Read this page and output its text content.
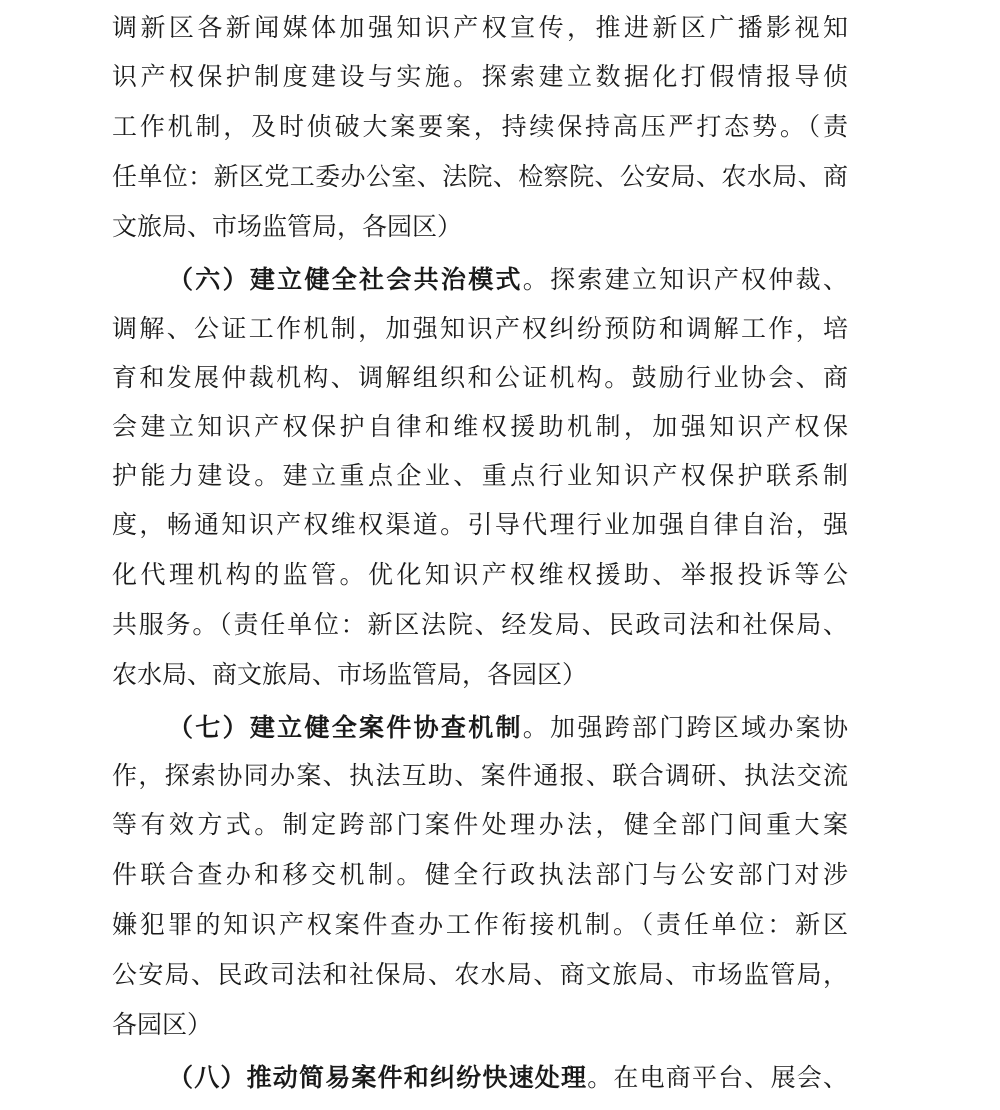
调新区各新闻媒体加强知识产权宣传，推进新区广播影视知
识产权保护制度建设与实施。探索建立数据化打假情报导侦
工作机制，及时侦破大案要案，持续保持高压严打态势。（责
任单位：新区党工委办公室、法院、检察院、公安局、农水局、商
文旅局、市场监管局，各园区）
（六）建立健全社会共治模式。探索建立知识产权仲裁、
调解、公证工作机制，加强知识产权纠纷预防和调解工作，培
育和发展仲裁机构、调解组织和公证机构。鼓励行业协会、商
会建立知识产权保护自律和维权援助机制，加强知识产权保
护能力建设。建立重点企业、重点行业知识产权保护联系制
度，畅通知识产权维权渠道。引导代理行业加强自律自治，强
化代理机构的监管。优化知识产权维权援助、举报投诉等公
共服务。（责任单位：新区法院、经发局、民政司法和社保局、
农水局、商文旅局、市场监管局，各园区）
（七）建立健全案件协查机制。加强跨部门跨区域办案协
作，探索协同办案、执法互助、案件通报、联合调研、执法交流
等有效方式。制定跨部门案件处理办法，健全部门间重大案
件联合查办和移交机制。健全行政执法部门与公安部门对涉
嫌犯罪的知识产权案件查办工作衔接机制。（责任单位：新区
公安局、民政司法和社保局、农水局、商文旅局、市场监管局，
各园区）
（八）推动简易案件和纠纷快速处理。在电商平台、展会、
